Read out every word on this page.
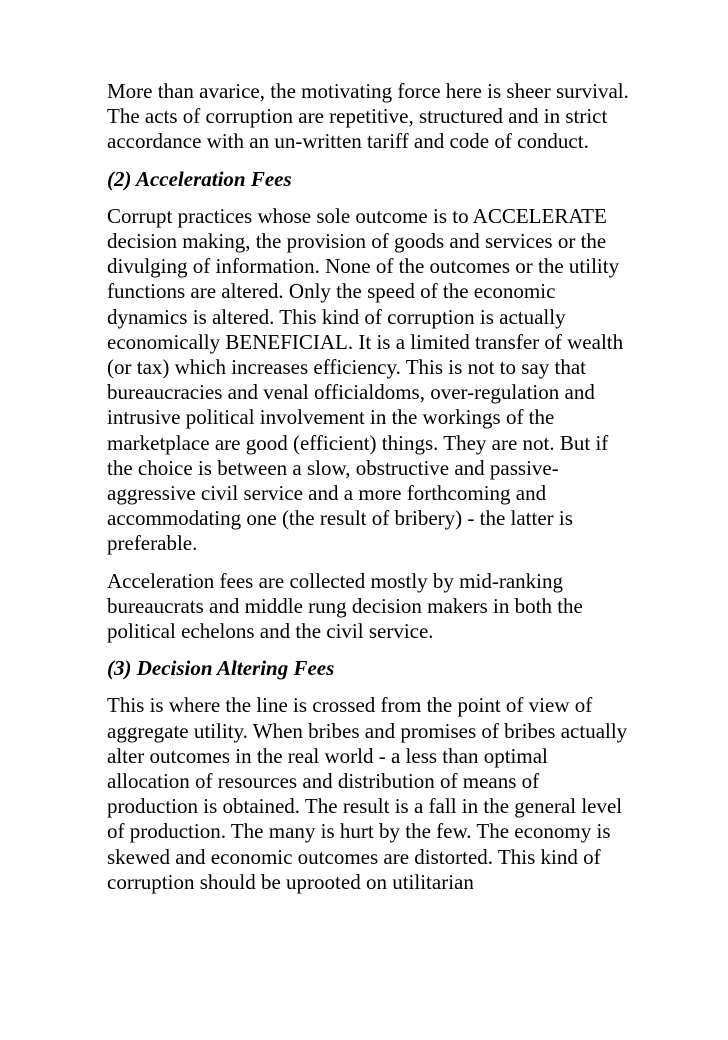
More than avarice, the motivating force here is sheer survival. The acts of corruption are repetitive, structured and in strict accordance with an un-written tariff and code of conduct.

(2) Acceleration Fees

Corrupt practices whose sole outcome is to ACCELERATE decision making, the provision of goods and services or the divulging of information. None of the outcomes or the utility functions are altered. Only the speed of the economic dynamics is altered. This kind of corruption is actually economically BENEFICIAL. It is a limited transfer of wealth (or tax) which increases efficiency. This is not to say that bureaucracies and venal officialdoms, over-regulation and intrusive political involvement in the workings of the marketplace are good (efficient) things. They are not. But if the choice is between a slow, obstructive and passive-aggressive civil service and a more forthcoming and accommodating one (the result of bribery) - the latter is preferable.

Acceleration fees are collected mostly by mid-ranking bureaucrats and middle rung decision makers in both the political echelons and the civil service.

(3) Decision Altering Fees

This is where the line is crossed from the point of view of aggregate utility. When bribes and promises of bribes actually alter outcomes in the real world - a less than optimal allocation of resources and distribution of means of production is obtained. The result is a fall in the general level of production. The many is hurt by the few. The economy is skewed and economic outcomes are distorted. This kind of corruption should be uprooted on utilitarian
